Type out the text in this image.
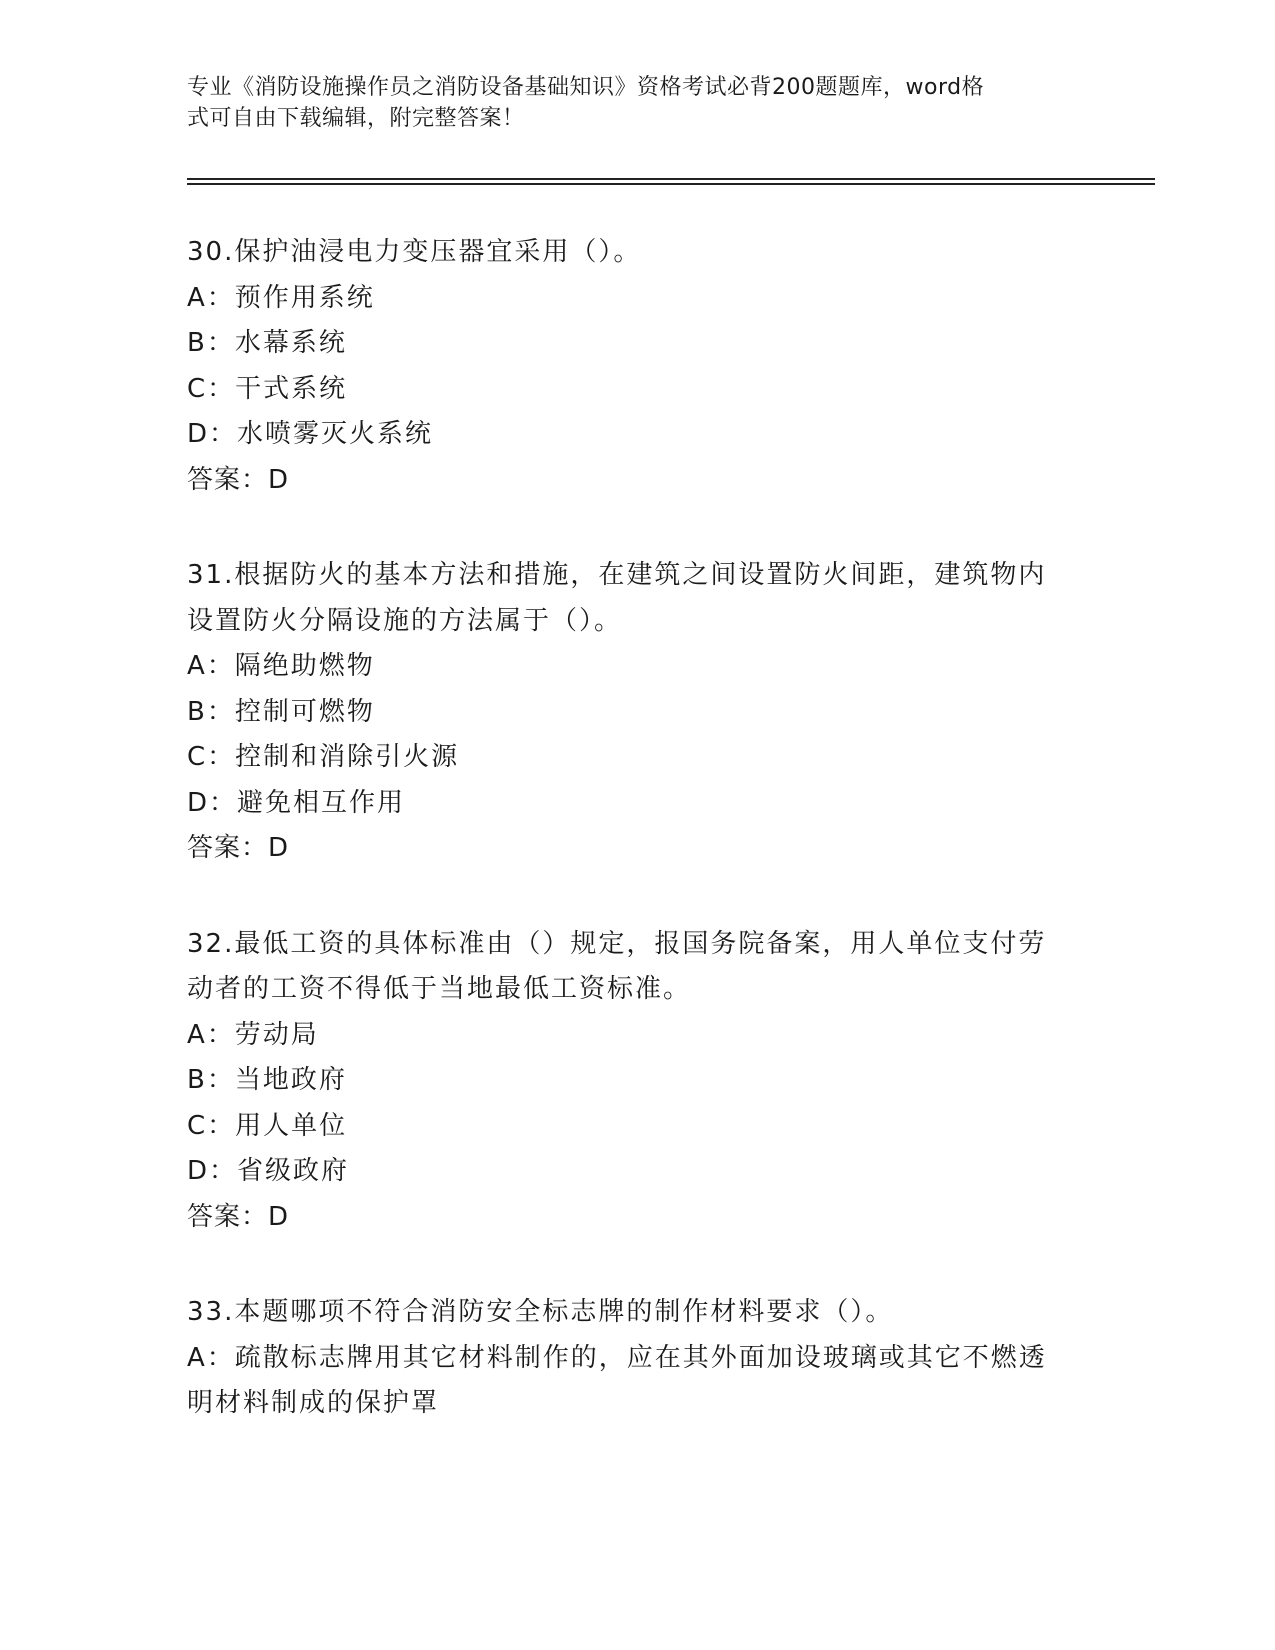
专业《消防设施操作员之消防设备基础知识》资格考试必背200题题库，word格
式可自由下载编辑，附完整答案！
30.保护油浸电力变压器宜采用（）。
A：预作用系统
B：水幕系统
C：干式系统
D：水喷雾灭火系统
答案：D
31.根据防火的基本方法和措施，在建筑之间设置防火间距，建筑物内
设置防火分隔设施的方法属于（）。
A：隔绝助燃物
B：控制可燃物
C：控制和消除引火源
D：避免相互作用
答案：D
32.最低工资的具体标准由（）规定，报国务院备案，用人单位支付劳
动者的工资不得低于当地最低工资标准。
A：劳动局
B：当地政府
C：用人单位
D：省级政府
答案：D
33.本题哪项不符合消防安全标志牌的制作材料要求（）。
A：疏散标志牌用其它材料制作的，应在其外面加设玻璃或其它不燃透
明材料制成的保护罩
